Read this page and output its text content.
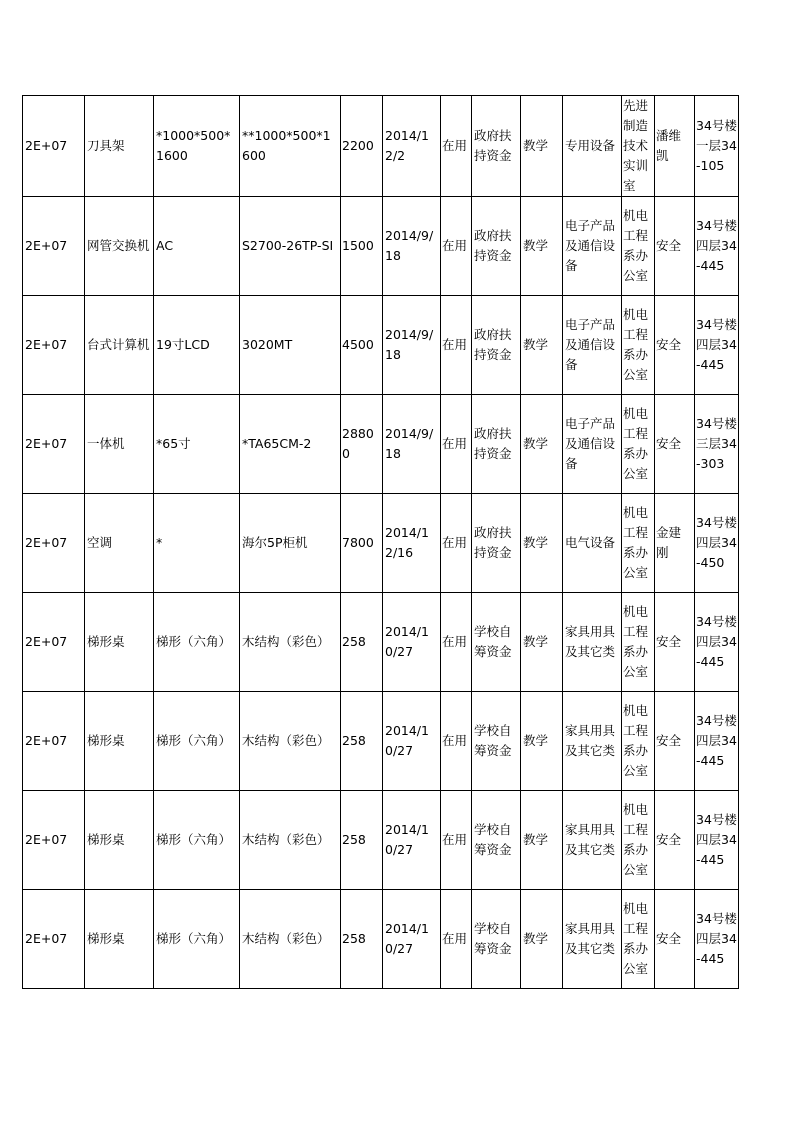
2E+07	刀具架	*1000*500*1600	**1000*500*1600	2200	2014/12/2	在用	政府扶持资金	教学	专用设备	先进制造技术实训室	潘维凯	34号楼一层34-105
2E+07	网管交换机	AC	S2700-26TP-SI	1500	2014/9/18	在用	政府扶持资金	教学	电子产品及通信设备	机电工程系办公室	安全	34号楼四层34-445
2E+07	台式计算机	19寸LCD	3020MT	4500	2014/9/18	在用	政府扶持资金	教学	电子产品及通信设备	机电工程系办公室	安全	34号楼四层34-445
2E+07	一体机	*65寸	*TA65CM-2	28800	2014/9/18	在用	政府扶持资金	教学	电子产品及通信设备	机电工程系办公室	安全	34号楼三层34-303
2E+07	空调	*	海尔5P柜机	7800	2014/12/16	在用	政府扶持资金	教学	电气设备	机电工程系办公室	金建刚	34号楼四层34-450
2E+07	梯形桌	梯形（六角）	木结构（彩色）	258	2014/10/27	在用	学校自筹资金	教学	家具用具及其它类	机电工程系办公室	安全	34号楼四层34-445
2E+07	梯形桌	梯形（六角）	木结构（彩色）	258	2014/10/27	在用	学校自筹资金	教学	家具用具及其它类	机电工程系办公室	安全	34号楼四层34-445
2E+07	梯形桌	梯形（六角）	木结构（彩色）	258	2014/10/27	在用	学校自筹资金	教学	家具用具及其它类	机电工程系办公室	安全	34号楼四层34-445
2E+07	梯形桌	梯形（六角）	木结构（彩色）	258	2014/10/27	在用	学校自筹资金	教学	家具用具及其它类	机电工程系办公室	安全	34号楼四层34-445
